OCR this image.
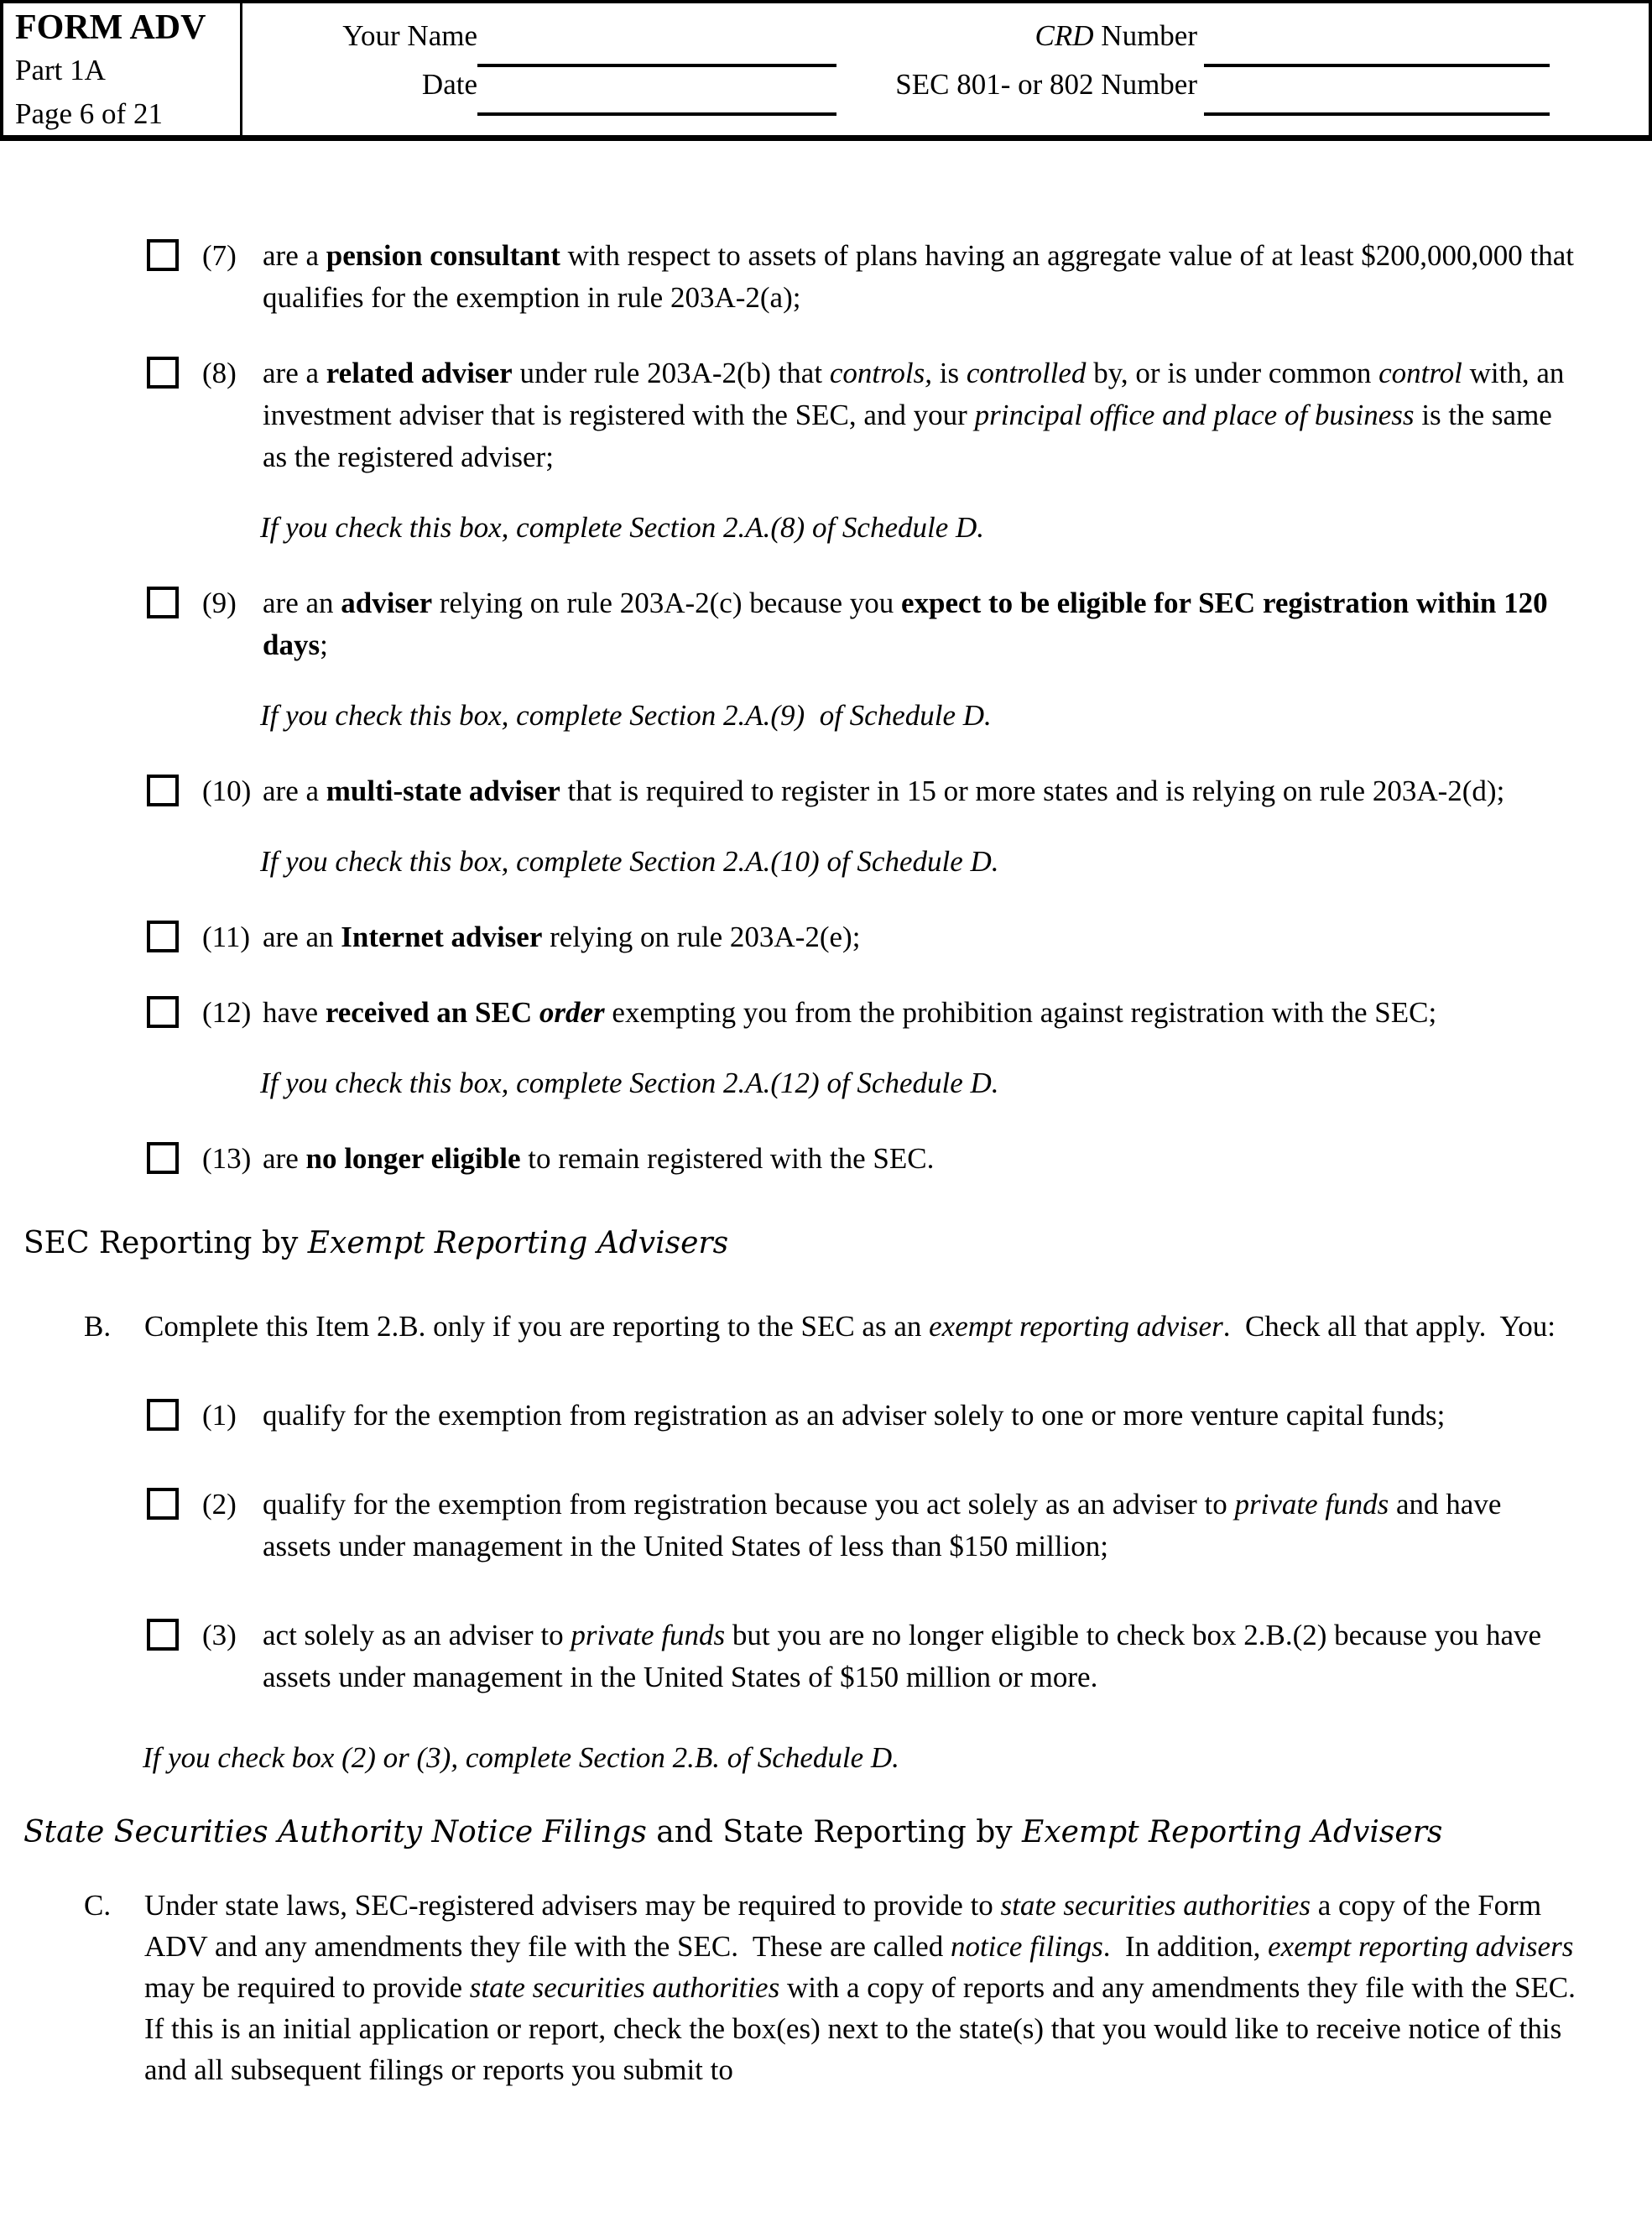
FORM ADV
Part 1A
Page 6 of 21
Your Name	CRD Number
Date	SEC 801- or 802 Number
(7) are a pension consultant with respect to assets of plans having an aggregate value of at least $200,000,000 that qualifies for the exemption in rule 203A-2(a);
(8) are a related adviser under rule 203A-2(b) that controls, is controlled by, or is under common control with, an investment adviser that is registered with the SEC, and your principal office and place of business is the same as the registered adviser;
If you check this box, complete Section 2.A.(8) of Schedule D.
(9) are an adviser relying on rule 203A-2(c) because you expect to be eligible for SEC registration within 120 days;
If you check this box, complete Section 2.A.(9)  of Schedule D.
(10) are a multi-state adviser that is required to register in 15 or more states and is relying on rule 203A-2(d);
If you check this box, complete Section 2.A.(10) of Schedule D.
(11) are an Internet adviser relying on rule 203A-2(e);
(12) have received an SEC order exempting you from the prohibition against registration with the SEC;
If you check this box, complete Section 2.A.(12) of Schedule D.
(13) are no longer eligible to remain registered with the SEC.
SEC Reporting by Exempt Reporting Advisers
B.	Complete this Item 2.B. only if you are reporting to the SEC as an exempt reporting adviser.  Check all that apply.  You:
(1) qualify for the exemption from registration as an adviser solely to one or more venture capital funds;
(2) qualify for the exemption from registration because you act solely as an adviser to private funds and have assets under management in the United States of less than $150 million;
(3) act solely as an adviser to private funds but you are no longer eligible to check box 2.B.(2) because you have assets under management in the United States of $150 million or more.
If you check box (2) or (3), complete Section 2.B. of Schedule D.
State Securities Authority Notice Filings and State Reporting by Exempt Reporting Advisers
C.	Under state laws, SEC-registered advisers may be required to provide to state securities authorities a copy of the Form ADV and any amendments they file with the SEC.  These are called notice filings.  In addition, exempt reporting advisers may be required to provide state securities authorities with a copy of reports and any amendments they file with the SEC.  If this is an initial application or report, check the box(es) next to the state(s) that you would like to receive notice of this and all subsequent filings or reports you submit to
